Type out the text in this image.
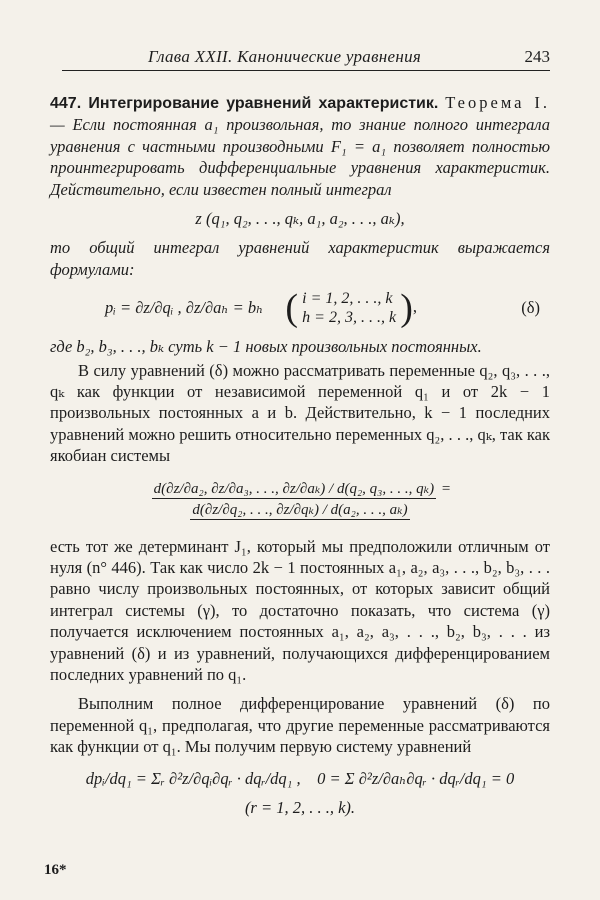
Глава XXII. Канонические уравнения	243

447. Интегрирование уравнений характеристик. Теорема I. — Если постоянная a₁ произвольная, то знание полного интеграла уравнения с частными производными F₁ = a₁ позволяет полностью проинтегрировать дифференциальные уравнения характеристик. Действительно, если известен полный интеграл

z (q₁, q₂, . . ., qₖ, a₁, a₂, . . ., aₖ),

то общий интеграл уравнений характеристик выражается формулами:

pᵢ = ∂z/∂qᵢ , ∂z/∂aₕ = bₕ ( i = 1, 2, . . ., k
h = 2, 3, . . ., k ),	(δ)

где b₂, b₃, . . ., bₖ суть k − 1 новых произвольных постоянных.

В силу уравнений (δ) можно рассматривать переменные q₂, q₃, . . ., qₖ как функции от независимой переменной q₁ и от 2k − 1 произвольных постоянных a и b. Действительно, k − 1 последних уравнений можно решить относительно переменных q₂, . . ., qₖ, так как якобиан системы

d(∂z/∂a₂, ∂z/∂a₃, . . ., ∂z/∂aₖ) / d(q₂, q₃, . . ., qₖ) =
d(∂z/∂q₂, . . ., ∂z/∂qₖ) / d(a₂, . . ., aₖ)

есть тот же детерминант J₁, который мы предположили отличным от нуля (n° 446). Так как число 2k − 1 постоянных a₁, a₂, a₃, . . ., b₂, b₃, . . . равно числу произвольных постоянных, от которых зависит общий интеграл системы (γ), то достаточно показать, что система (γ) получается исключением постоянных a₁, a₂, a₃, . . ., b₂, b₃, . . . из уравнений (δ) и из уравнений, получающихся дифференцированием последних уравнений по q₁.

Выполним полное дифференцирование уравнений (δ) по переменной q₁, предполагая, что другие переменные рассматриваются как функции от q₁. Мы получим первую систему уравнений

dpᵢ/dq₁ = Σᵣ ∂²z/∂qᵢ∂qᵣ · dqᵣ/dq₁ , 0 = Σ ∂²z/∂aₕ∂qᵣ · dqᵣ/dq₁ = 0
(r = 1, 2, . . ., k).
16*
